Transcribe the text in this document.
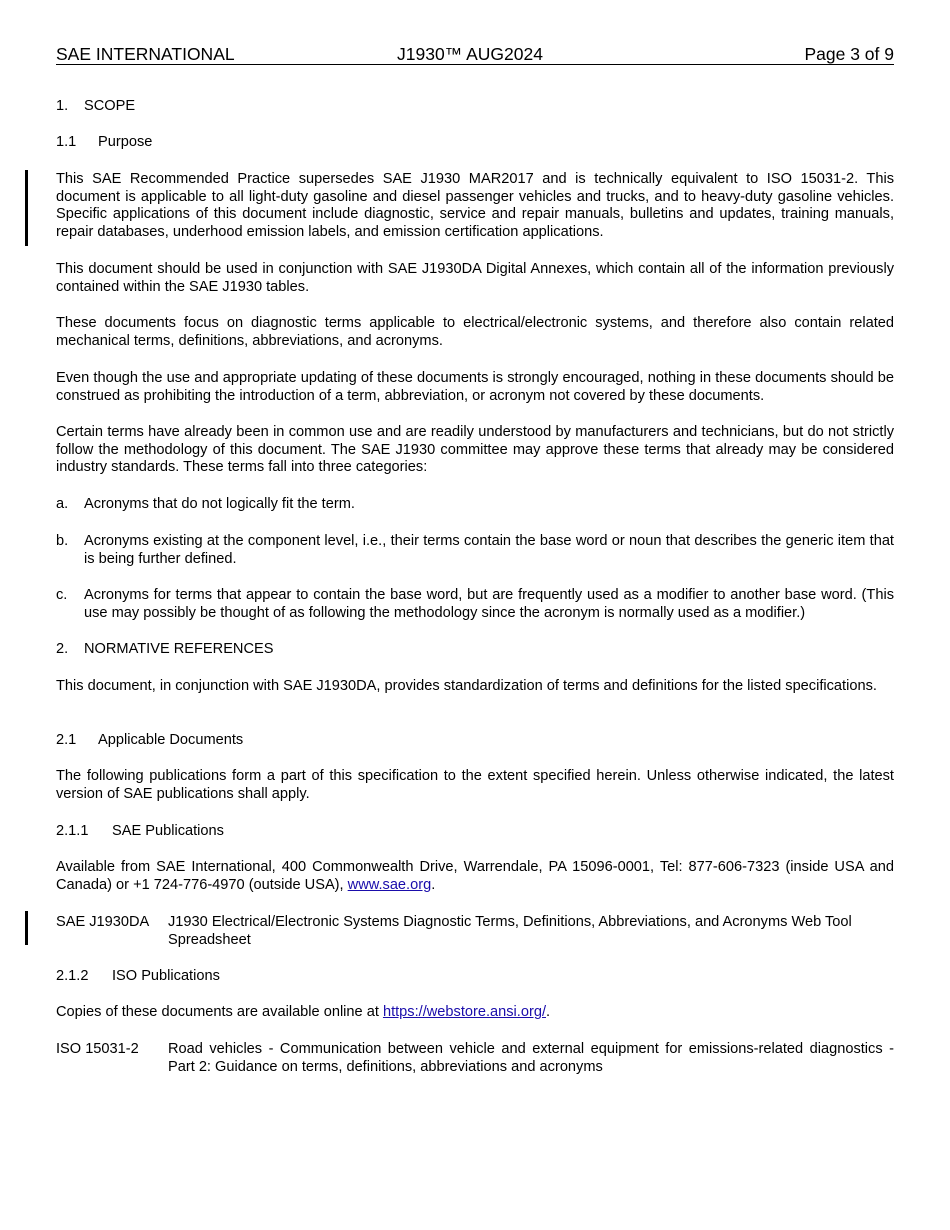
SAE INTERNATIONAL	J1930™ AUG2024	Page 3 of 9
1. SCOPE
1.1 Purpose
This SAE Recommended Practice supersedes SAE J1930 MAR2017 and is technically equivalent to ISO 15031-2. This document is applicable to all light-duty gasoline and diesel passenger vehicles and trucks, and to heavy-duty gasoline vehicles. Specific applications of this document include diagnostic, service and repair manuals, bulletins and updates, training manuals, repair databases, underhood emission labels, and emission certification applications.
This document should be used in conjunction with SAE J1930DA Digital Annexes, which contain all of the information previously contained within the SAE J1930 tables.
These documents focus on diagnostic terms applicable to electrical/electronic systems, and therefore also contain related mechanical terms, definitions, abbreviations, and acronyms.
Even though the use and appropriate updating of these documents is strongly encouraged, nothing in these documents should be construed as prohibiting the introduction of a term, abbreviation, or acronym not covered by these documents.
Certain terms have already been in common use and are readily understood by manufacturers and technicians, but do not strictly follow the methodology of this document. The SAE J1930 committee may approve these terms that already may be considered industry standards. These terms fall into three categories:
a. Acronyms that do not logically fit the term.
b. Acronyms existing at the component level, i.e., their terms contain the base word or noun that describes the generic item that is being further defined.
c. Acronyms for terms that appear to contain the base word, but are frequently used as a modifier to another base word. (This use may possibly be thought of as following the methodology since the acronym is normally used as a modifier.)
2. NORMATIVE REFERENCES
This document, in conjunction with SAE J1930DA, provides standardization of terms and definitions for the listed specifications.
2.1 Applicable Documents
The following publications form a part of this specification to the extent specified herein. Unless otherwise indicated, the latest version of SAE publications shall apply.
2.1.1 SAE Publications
Available from SAE International, 400 Commonwealth Drive, Warrendale, PA 15096-0001, Tel: 877-606-7323 (inside USA and Canada) or +1 724-776-4970 (outside USA), www.sae.org.
SAE J1930DA J1930 Electrical/Electronic Systems Diagnostic Terms, Definitions, Abbreviations, and Acronyms Web Tool Spreadsheet
2.1.2 ISO Publications
Copies of these documents are available online at https://webstore.ansi.org/.
ISO 15031-2 Road vehicles - Communication between vehicle and external equipment for emissions-related diagnostics - Part 2: Guidance on terms, definitions, abbreviations and acronyms
